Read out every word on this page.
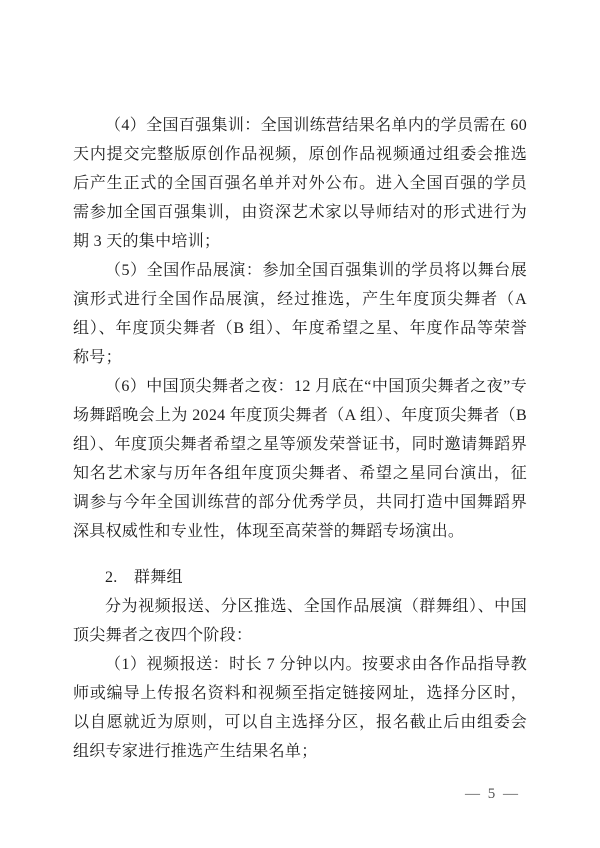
（4）全国百强集训：全国训练营结果名单内的学员需在 60 天内提交完整版原创作品视频，原创作品视频通过组委会推选后产生正式的全国百强名单并对外公布。进入全国百强的学员需参加全国百强集训，由资深艺术家以导师结对的形式进行为期 3 天的集中培训；

（5）全国作品展演：参加全国百强集训的学员将以舞台展演形式进行全国作品展演，经过推选，产生年度顶尖舞者（A 组）、年度顶尖舞者（B 组）、年度希望之星、年度作品等荣誉称号；

（6）中国顶尖舞者之夜：12 月底在“中国顶尖舞者之夜”专场舞蹈晚会上为 2024 年度顶尖舞者（A 组）、年度顶尖舞者（B 组）、年度顶尖舞者希望之星等颁发荣誉证书，同时邀请舞蹈界知名艺术家与历年各组年度顶尖舞者、希望之星同台演出，征调参与今年全国训练营的部分优秀学员，共同打造中国舞蹈界深具权威性和专业性，体现至高荣誉的舞蹈专场演出。

2.　群舞组

分为视频报送、分区推选、全国作品展演（群舞组）、中国顶尖舞者之夜四个阶段：

（1）视频报送：时长 7 分钟以内。按要求由各作品指导教师或编导上传报名资料和视频至指定链接网址，选择分区时，以自愿就近为原则，可以自主选择分区，报名截止后由组委会组织专家进行推选产生结果名单；

— 5 —
